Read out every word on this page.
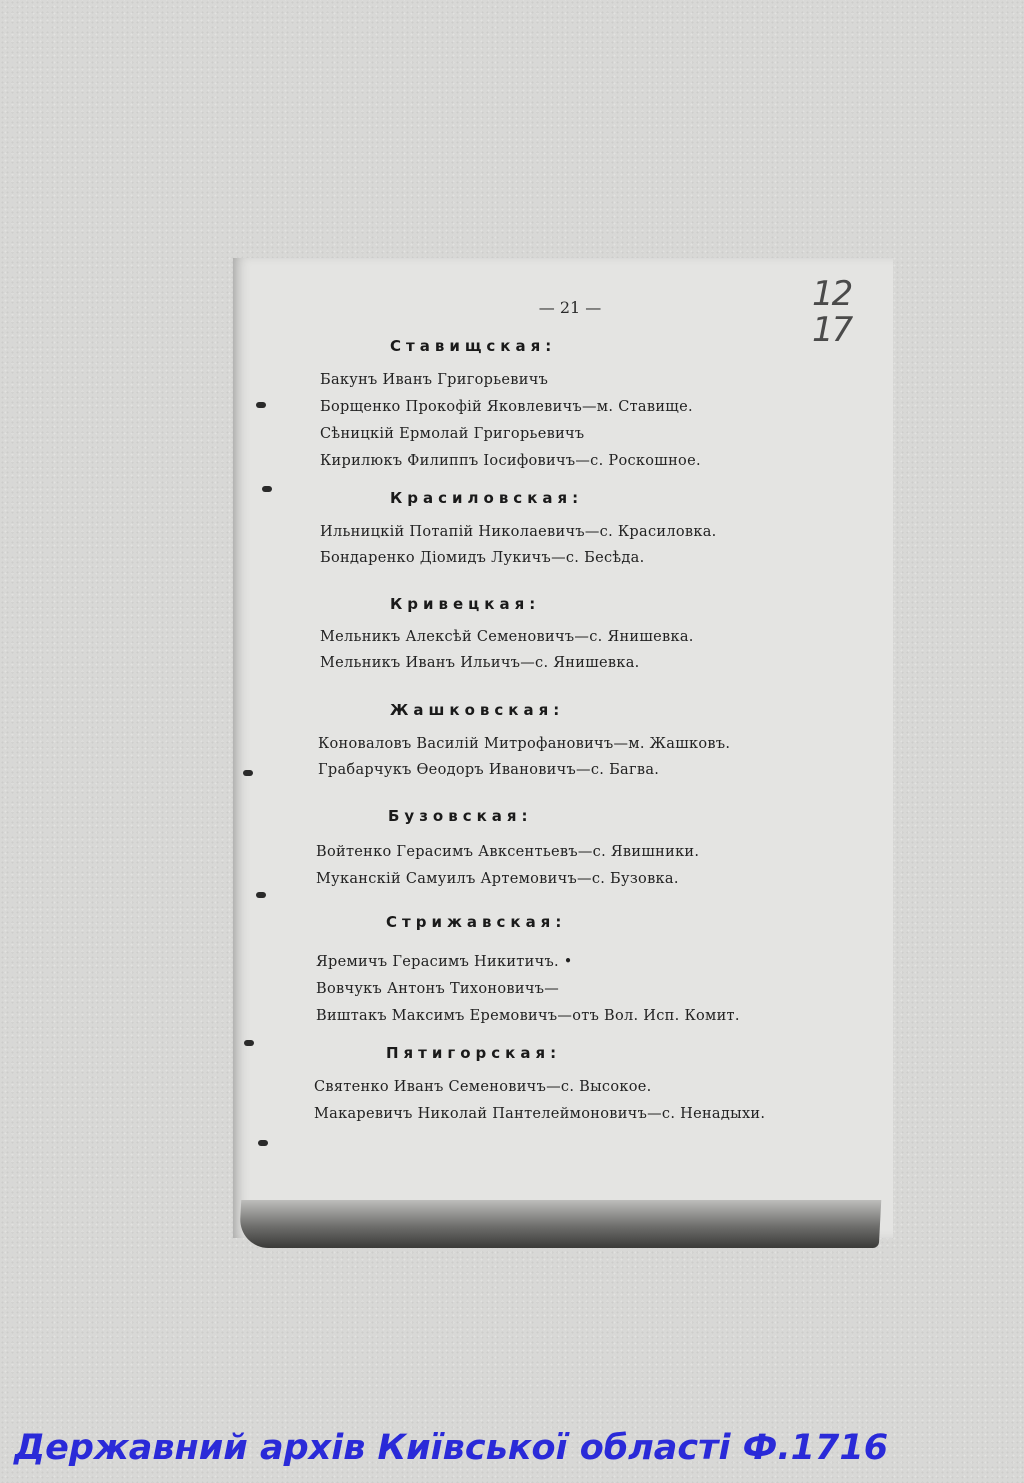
— 21 —	12
17
Ставищская:
Бакунъ Иванъ Григорьевичъ
Борщенко Прокофій Яковлевичъ—м. Ставище.
Сѣницкій Ермолай Григорьевичъ
Кирилюкъ Филиппъ Іосифовичъ—с. Роскошное.
Красиловская:
Ильницкій Потапій Николаевичъ—с. Красиловка.
Бондаренко Діомидъ Лукичъ—с. Бесѣда.
Кривецкая:
Мельникъ Алексѣй Семеновичъ—с. Янишевка.
Мельникъ Иванъ Ильичъ—с. Янишевка.
Жашковская:
Коноваловъ Василій Митрофановичъ—м. Жашковъ.
Грабарчукъ Өеодоръ Ивановичъ—с. Багва.
Бузовская:
Войтенко Герасимъ Авксентьевъ—с. Явишники.
Муканскій Самуилъ Артемовичъ—с. Бузовка.
Стрижавская:
Яремичъ Герасимъ Никитичъ. •
Вовчукъ Антонъ Тихоновичъ—
Виштакъ Максимъ Еремовичъ—отъ Вол. Исп. Комит.
Пятигорская:
Святенко Иванъ Семеновичъ—с. Высокое.
Макаревичъ Николай Пантелеймоновичъ—с. Ненадыхи.
Державний архів Київської області Ф.1716
